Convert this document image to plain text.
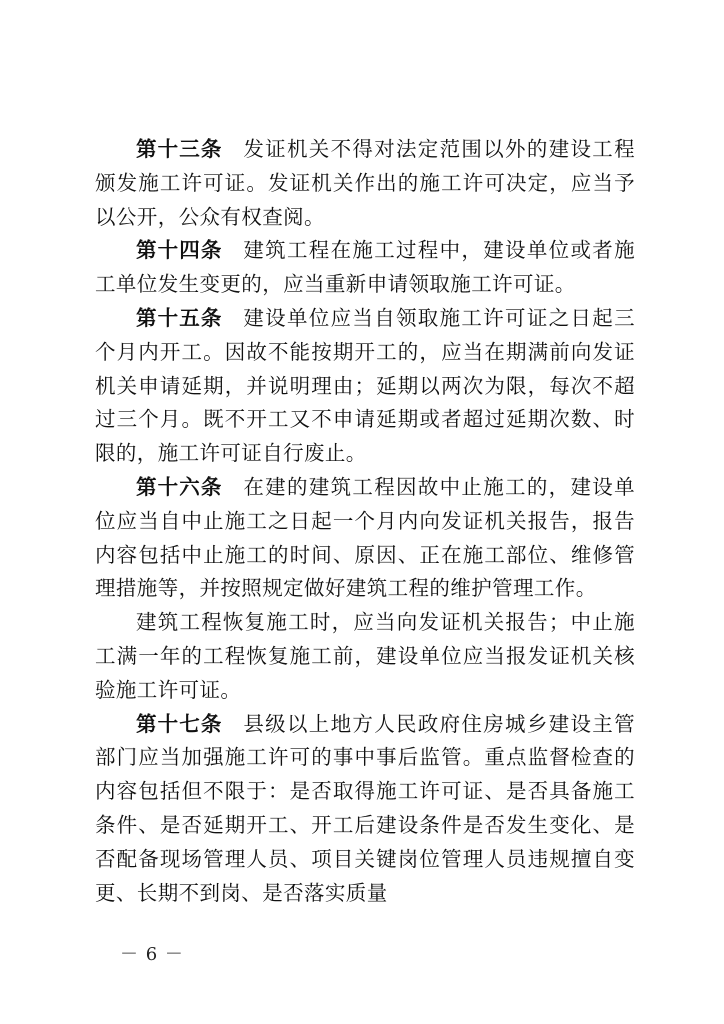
第十三条 发证机关不得对法定范围以外的建设工程颁发施工许可证。发证机关作出的施工许可决定，应当予以公开，公众有权查阅。

第十四条 建筑工程在施工过程中，建设单位或者施工单位发生变更的，应当重新申请领取施工许可证。

第十五条 建设单位应当自领取施工许可证之日起三个月内开工。因故不能按期开工的，应当在期满前向发证机关申请延期，并说明理由；延期以两次为限，每次不超过三个月。既不开工又不申请延期或者超过延期次数、时限的，施工许可证自行废止。

第十六条 在建的建筑工程因故中止施工的，建设单位应当自中止施工之日起一个月内向发证机关报告，报告内容包括中止施工的时间、原因、正在施工部位、维修管理措施等，并按照规定做好建筑工程的维护管理工作。

建筑工程恢复施工时，应当向发证机关报告；中止施工满一年的工程恢复施工前，建设单位应当报发证机关核验施工许可证。

第十七条 县级以上地方人民政府住房城乡建设主管部门应当加强施工许可的事中事后监管。重点监督检查的内容包括但不限于：是否取得施工许可证、是否具备施工条件、是否延期开工、开工后建设条件是否发生变化、是否配备现场管理人员、项目关键岗位管理人员违规擅自变更、长期不到岗、是否落实质量

－ 6 －
